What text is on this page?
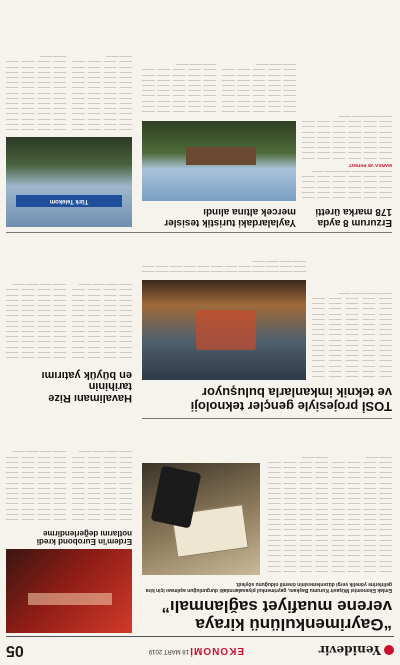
Yenidevir
EKONOMİ
18 MART 2019
05
“Gayrimenkulünü kiraya
verene muafiyet sağlanmalı”
Emlak Ekonomisi Müşavir Kurumu Başkanı, gayrimenkul piyasalarındaki durgunluğun aşılması için kira gelirlerine yönelik vergi düzenlemesinin önemli olduğunu söyledi.

——— ——— ——— ——— ——— ——— ——— ——— ——— ——— ——— ——— ——— ——— ——— ——— ——— ——— ——— ——— ——— ——— ——— ——— ——— ——— ——— ——— ——— ——— ——— ——— ——— ——— ——— ——— ——— ——— ——— ——— ——— ——— ——— ——— ——— ——— ——— ——— ——— ——— ——— ——— ——— ——— ——— ——— ——— ——— ——— ——— ——— ——— ——— ——— ——— ——— ——— ——— ——— ——— ——— ——— ——— ——— ——— ——— ——— ——— ——— ——— ——— ——— ——— ——— ——— ——— ——— ——— ——— ———

——— ——— ——— ——— ——— ——— ——— ——— ——— ——— ——— ——— ——— ——— ——— ——— ——— ——— ——— ——— ——— ——— ——— ——— ——— ——— ——— ——— ——— ——— ——— ——— ——— ——— ——— ——— ——— ——— ——— ——— ——— ——— ——— ——— ——— ——— ——— ——— ——— ——— ——— ——— ——— ——— ——— ——— ——— ——— ——— ——— ——— ——— ——— ——— ——— ——— ——— ——— ——— ——— ——— ——— ——— ——— ——— ——— ——— ——— ——— ——— ——— ——— ——— ——— ——— ——— ——— ——— ——— ———

Erdem'in Eurobond kredi
notlarını değerlendirme

——— ——— ——— ——— ——— ——— ——— ——— ——— ——— ——— ——— ——— ——— ——— ——— ——— ——— ——— ——— ——— ——— ——— ——— ——— ——— ——— ——— ——— ——— ——— ——— ——— ——— ——— ——— ——— ——— ——— ——— ——— ——— ——— ——— ——— ——— ——— ——— ——— ——— ——— ——— ——— ——— ——— ———

——— ——— ——— ——— ——— ——— ——— ——— ——— ——— ——— ——— ——— ——— ——— ——— ——— ——— ——— ——— ——— ——— ——— ——— ——— ——— ——— ——— ——— ——— ——— ——— ——— ——— ——— ——— ——— ——— ——— ——— ——— ——— ——— ——— ——— ——— ——— ——— ——— ——— ——— ——— ——— ——— ——— ———

TOSİ projesiyle gençler teknoloji
ve teknik imkanlarla buluşuyor

——— ——— ——— ——— ——— ——— ——— ——— ——— ——— ——— ——— ——— ——— ——— ——— ——— ——— ——— ——— ——— ——— ——— ——— ——— ——— ——— ——— ——— ——— ——— ——— ——— ——— ——— ——— ——— ——— ——— ——— ——— ——— ——— ——— ——— ——— ——— ——— ——— ——— ——— ——— ——— ——— ——— ——— ——— ——— ——— ——— ——— ——— ——— ——— ——— ——— ——— ——— ——— ——— ——— ——— ——— ——— ——— ——— ——— ——— ——— ——— ——— ——— ——— ———

——— ——— ——— ——— ——— ——— ——— ——— ——— ——— ——— ——— ——— ——— ——— ——— ——— ——— ——— ——— ——— ——— ——— ——— ——— ——— ——— ———

Havalimanı Rize
tarihinin
en büyük yatırımı

——— ——— ——— ——— ——— ——— ——— ——— ——— ——— ——— ——— ——— ——— ——— ——— ——— ——— ——— ——— ——— ——— ——— ——— ——— ——— ——— ——— ——— ——— ——— ——— ——— ——— ——— ——— ——— ——— ——— ——— ——— ——— ——— ——— ——— ——— ——— ——— ——— ——— ——— ——— ——— ——— ——— ——— ——— ——— ——— ———

——— ——— ——— ——— ——— ——— ——— ——— ——— ——— ——— ——— ——— ——— ——— ——— ——— ——— ——— ——— ——— ——— ——— ——— ——— ——— ——— ——— ——— ——— ——— ——— ——— ——— ——— ——— ——— ——— ——— ——— ——— ——— ——— ——— ——— ——— ——— ——— ——— ——— ——— ——— ——— ——— ——— ——— ——— ——— ——— ———

Erzurum 8 ayda
178 marka üretti

——— ——— ——— ——— ——— ——— ——— ——— ——— ——— ——— ——— ——— ——— ——— ——— ——— ——— ——— ——— ——— ——— ——— ——— ——— ——— ——— ——— ——— ——— ——— ——— ——— ——— ——— ———

MARKA VE PATENT

——— ——— ——— ——— ——— ——— ——— ——— ——— ——— ——— ——— ——— ——— ——— ——— ——— ——— ——— ——— ——— ——— ——— ——— ——— ——— ——— ——— ——— ——— ——— ——— ——— ——— ——— ——— ——— ——— ——— ——— ——— ——— ——— ——— ——— ——— ——— ——— ——— ——— ——— ———

Yaylalardaki turistik tesisler
mercek altına alındı

——— ——— ——— ——— ——— ——— ——— ——— ——— ——— ——— ——— ——— ——— ——— ——— ——— ——— ——— ——— ——— ——— ——— ——— ——— ——— ——— ——— ——— ——— ——— ——— ——— ——— ——— ——— ——— ——— ——— ——— ——— ——— ——— ——— ——— ——— ——— ———

——— ——— ——— ——— ——— ——— ——— ——— ——— ——— ——— ——— ——— ——— ——— ——— ——— ——— ——— ——— ——— ——— ——— ——— ——— ——— ——— ——— ——— ——— ——— ——— ——— ——— ——— ——— ——— ——— ——— ——— ——— ——— ——— ——— ——— ——— ——— ———

Türk Telekom

——— ——— ——— ——— ——— ——— ——— ——— ——— ——— ——— ——— ——— ——— ——— ——— ——— ——— ——— ——— ——— ——— ——— ——— ——— ——— ——— ——— ——— ——— ——— ——— ——— ——— ——— ——— ——— ——— ——— ——— ——— ——— ——— ——— ——— ——— ——— ——— ——— ——— ——— ——— ——— ——— ——— ——— ——— ———

——— ——— ——— ——— ——— ——— ——— ——— ——— ——— ——— ——— ——— ——— ——— ——— ——— ——— ——— ——— ——— ——— ——— ——— ——— ——— ——— ——— ——— ——— ——— ——— ——— ——— ——— ——— ——— ——— ——— ——— ——— ——— ——— ——— ——— ——— ——— ——— ——— ——— ——— ——— ——— ——— ——— ——— ——— ———
